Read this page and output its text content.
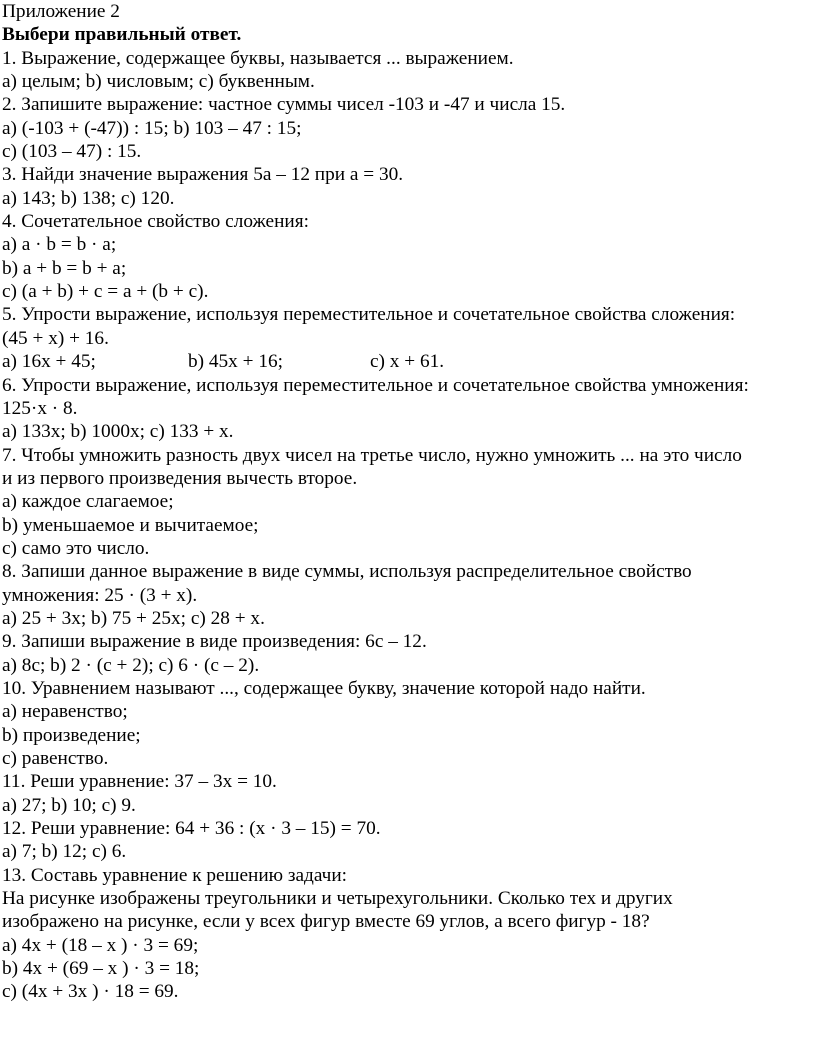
Приложение 2
Выбери правильный ответ.
1. Выражение, содержащее буквы, называется ... выражением.
а) целым; b) числовым; с) буквенным.
2. Запишите выражение: частное суммы чисел -103 и -47 и числа 15.
а) (-103 + (-47)) : 15; b) 103 – 47 : 15;
с) (103 – 47) : 15.
3. Найди значение выражения 5а – 12 при а = 30.
а) 143; b) 138; с) 120.
4. Сочетательное свойство сложения:
а) а · b = b · а;
b) а + b = b + а;
с) (а + b) + с = а + (b + с).
5. Упрости выражение, используя переместительное и сочетательное свойства сложения:
(45 + х) + 16.
а) 16х + 45;	b) 45х + 16;	с) х + 61.
6. Упрости выражение, используя переместительное и сочетательное свойства умножения:
125·х · 8.
а) 133х; b) 1000х; с) 133 + х.
7. Чтобы умножить разность двух чисел на третье число, нужно умножить ... на это число
и из первого произведения вычесть второе.
а) каждое слагаемое;
b) уменьшаемое и вычитаемое;
с) само это число.
8. Запиши данное выражение в виде суммы, используя распределительное свойство
умножения: 25 · (3 + х).
а) 25 + 3х; b) 75 + 25х; с) 28 + х.
9. Запиши выражение в виде произведения: 6с – 12.
а) 8с; b) 2 · (с + 2); с) 6 · (с – 2).
10. Уравнением называют ..., содержащее букву, значение которой надо найти.
а) неравенство;
b) произведение;
с) равенство.
11. Реши уравнение: 37 – 3х = 10.
а) 27; b) 10; с) 9.
12. Реши уравнение: 64 + 36 : (х · 3 – 15) = 70.
а) 7; b) 12; с) 6.
13. Составь уравнение к решению задачи:
На рисунке изображены треугольники и четырехугольники. Сколько тех и других
изображено на рисунке, если у всех фигур вместе 69 углов, а всего фигур - 18?
а) 4х + (18 – х ) · 3 = 69;
b) 4х + (69 – х ) · 3 = 18;
с) (4х + 3х ) · 18 = 69.
